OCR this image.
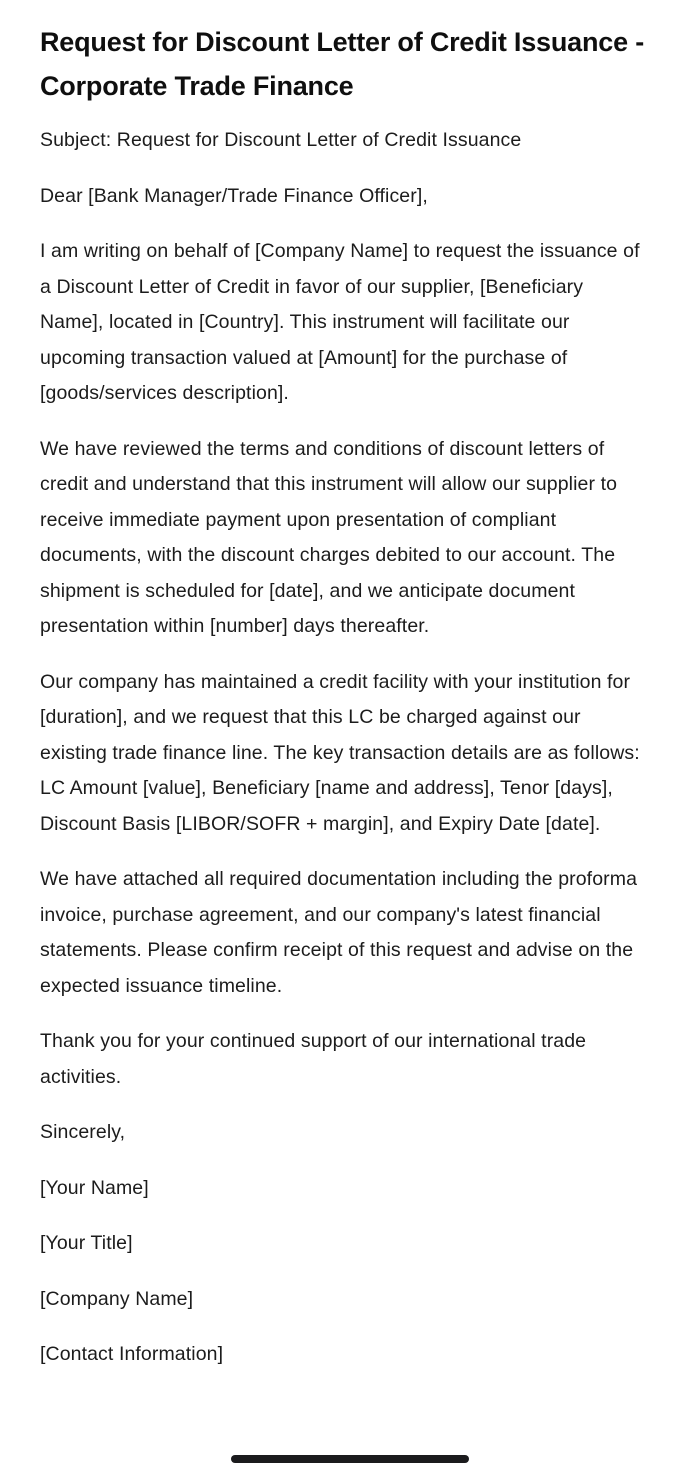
Request for Discount Letter of Credit Issuance - Corporate Trade Finance

Subject: Request for Discount Letter of Credit Issuance

Dear [Bank Manager/Trade Finance Officer],

I am writing on behalf of [Company Name] to request the issuance of a Discount Letter of Credit in favor of our supplier, [Beneficiary Name], located in [Country]. This instrument will facilitate our upcoming transaction valued at [Amount] for the purchase of [goods/services description].

We have reviewed the terms and conditions of discount letters of credit and understand that this instrument will allow our supplier to receive immediate payment upon presentation of compliant documents, with the discount charges debited to our account. The shipment is scheduled for [date], and we anticipate document presentation within [number] days thereafter.

Our company has maintained a credit facility with your institution for [duration], and we request that this LC be charged against our existing trade finance line. The key transaction details are as follows: LC Amount [value], Beneficiary [name and address], Tenor [days], Discount Basis [LIBOR/SOFR + margin], and Expiry Date [date].

We have attached all required documentation including the proforma invoice, purchase agreement, and our company's latest financial statements. Please confirm receipt of this request and advise on the expected issuance timeline.

Thank you for your continued support of our international trade activities.

Sincerely,

[Your Name]

[Your Title]

[Company Name]

[Contact Information]
